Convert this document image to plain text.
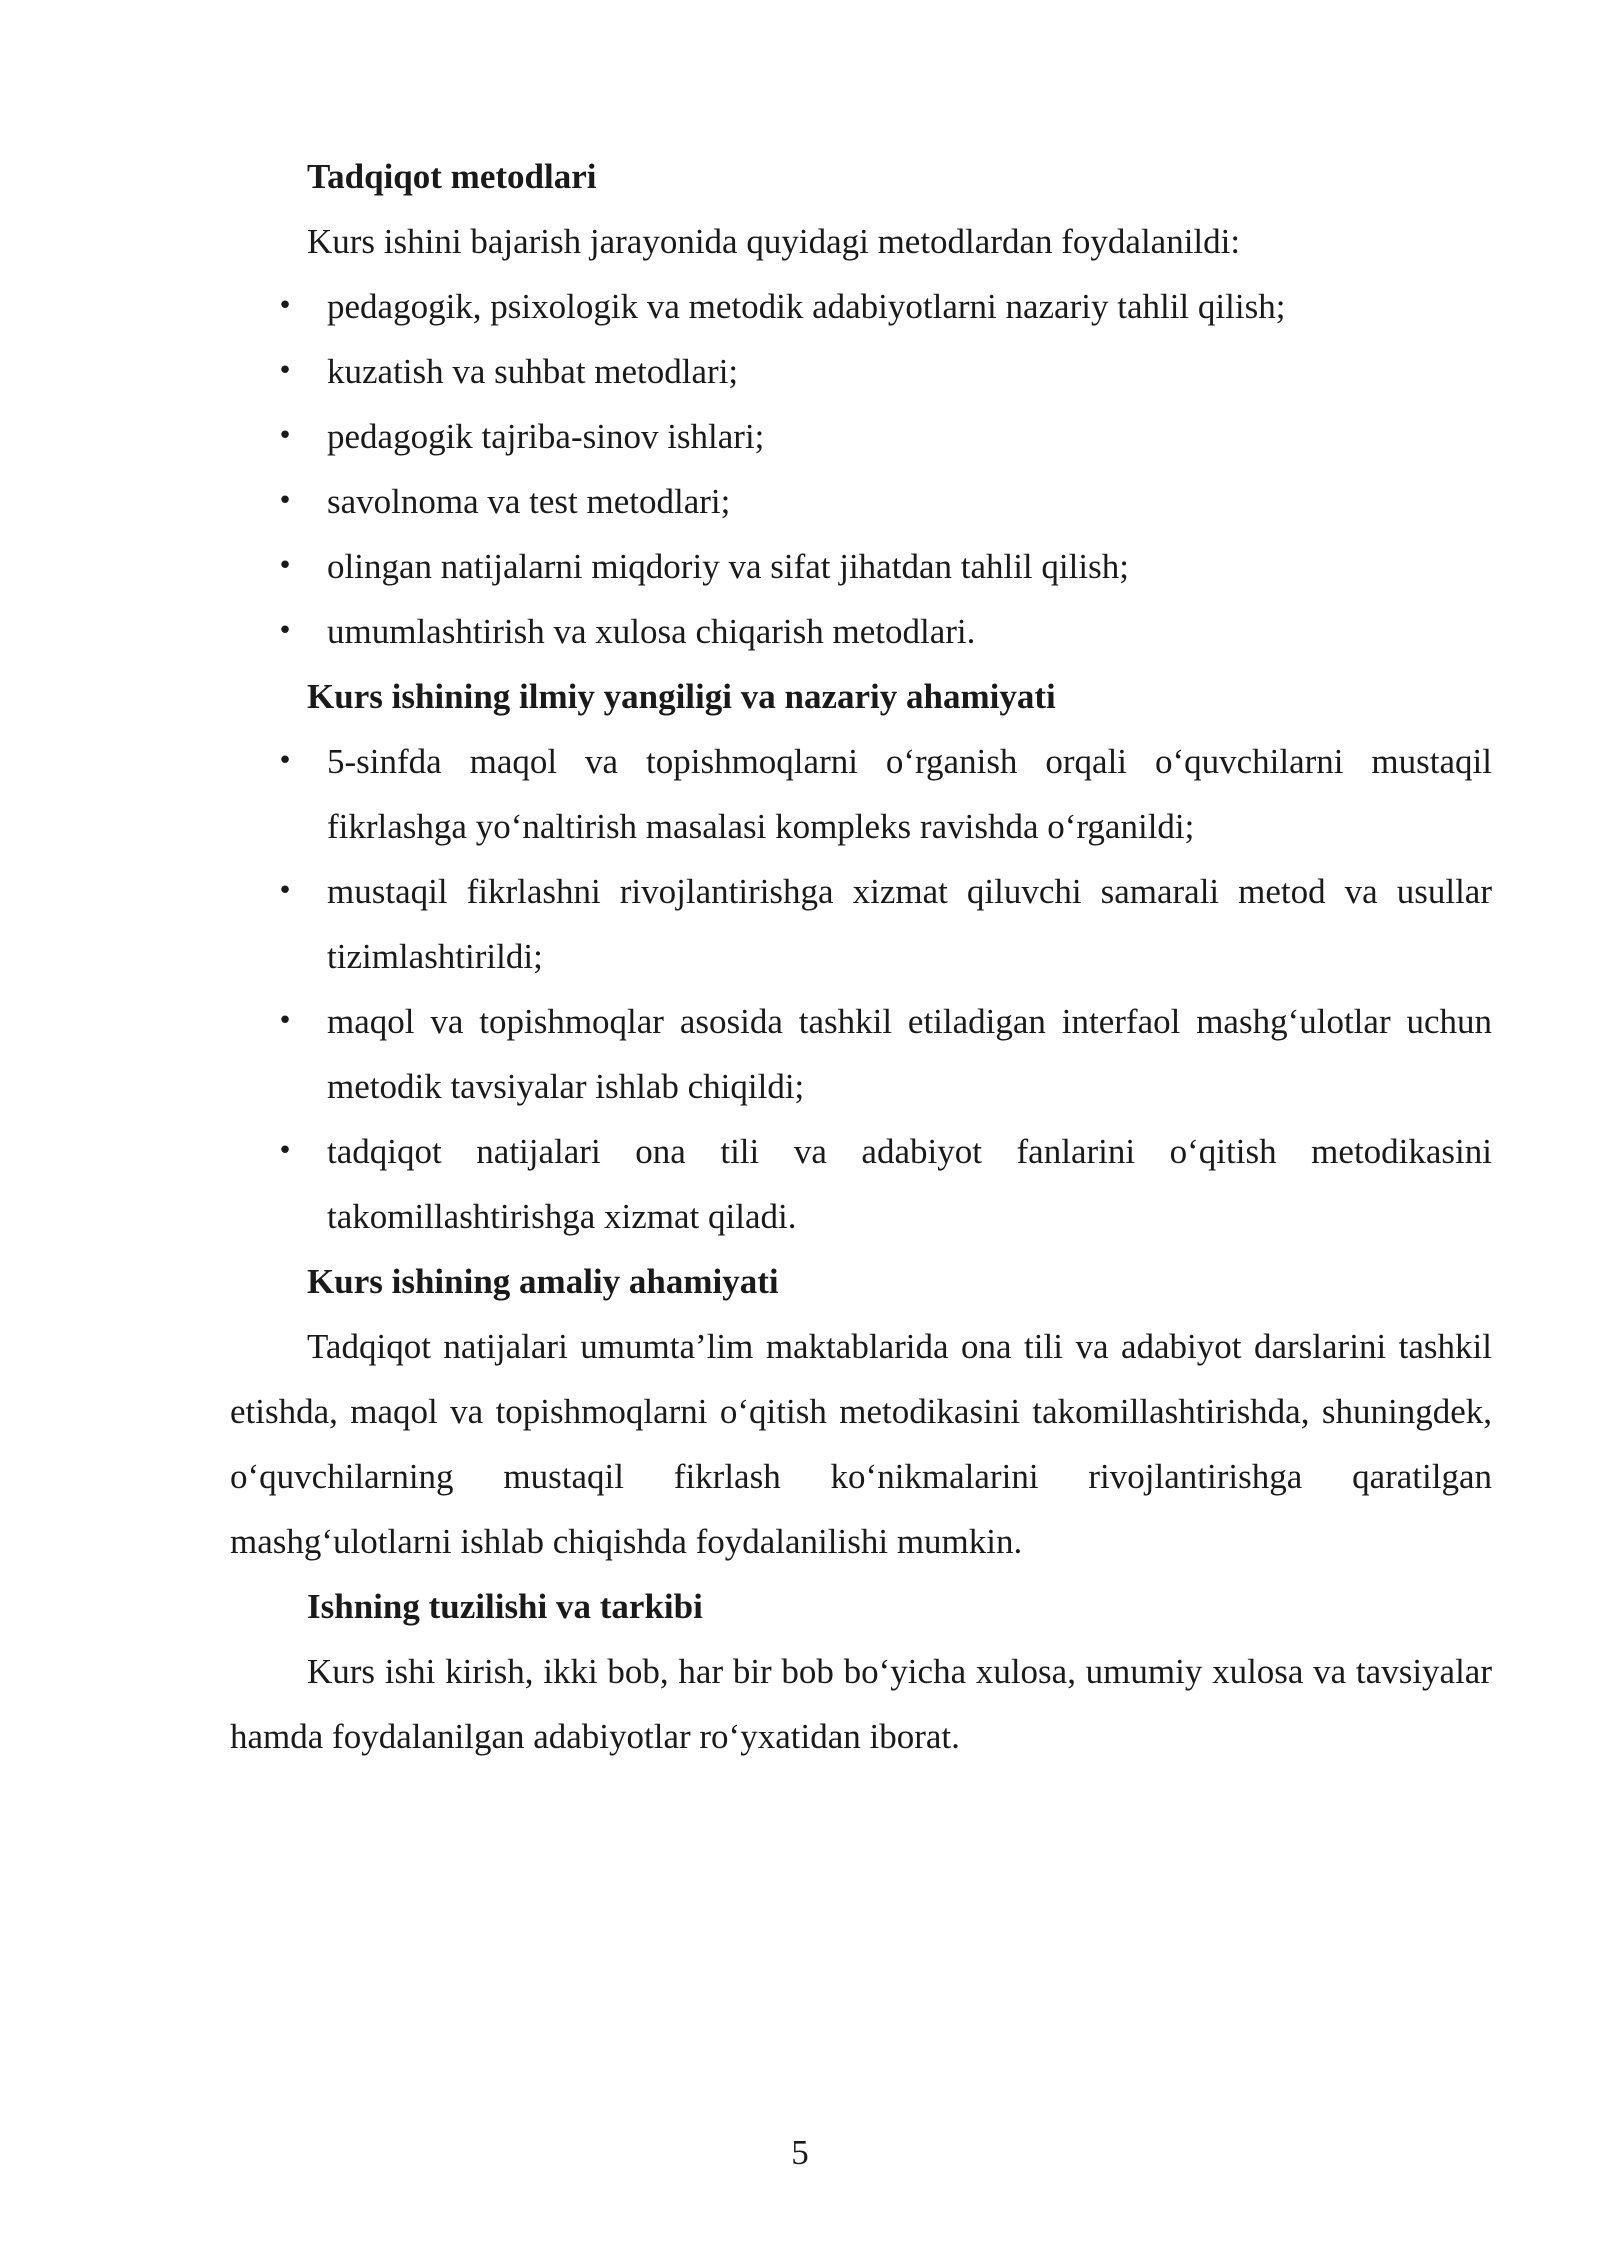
Tadqiqot metodlari

Kurs ishini bajarish jarayonida quyidagi metodlardan foydalanildi:

• pedagogik, psixologik va metodik adabiyotlarni nazariy tahlil qilish;
• kuzatish va suhbat metodlari;
• pedagogik tajriba-sinov ishlari;
• savolnoma va test metodlari;
• olingan natijalarni miqdoriy va sifat jihatdan tahlil qilish;
• umumlashtirish va xulosa chiqarish metodlari.

Kurs ishining ilmiy yangiligi va nazariy ahamiyati

• 5-sinfda maqol va topishmoqlarni o‘rganish orqali o‘quvchilarni mustaqil fikrlashga yo‘naltirish masalasi kompleks ravishda o‘rganildi;
• mustaqil fikrlashni rivojlantirishga xizmat qiluvchi samarali metod va usullar tizimlashtirildi;
• maqol va topishmoqlar asosida tashkil etiladigan interfaol mashg‘ulotlar uchun metodik tavsiyalar ishlab chiqildi;
• tadqiqot natijalari ona tili va adabiyot fanlarini o‘qitish metodikasini takomillashtirishga xizmat qiladi.

Kurs ishining amaliy ahamiyati

Tadqiqot natijalari umumta’lim maktablarida ona tili va adabiyot darslarini tashkil etishda, maqol va topishmoqlarni o‘qitish metodikasini takomillashtirishda, shuningdek, o‘quvchilarning mustaqil fikrlash ko‘nikmalarini rivojlantirishga qaratilgan mashg‘ulotlarni ishlab chiqishda foydalanilishi mumkin.

Ishning tuzilishi va tarkibi

Kurs ishi kirish, ikki bob, har bir bob bo‘yicha xulosa, umumiy xulosa va tavsiyalar hamda foydalanilgan adabiyotlar ro‘yxatidan iborat.

5
